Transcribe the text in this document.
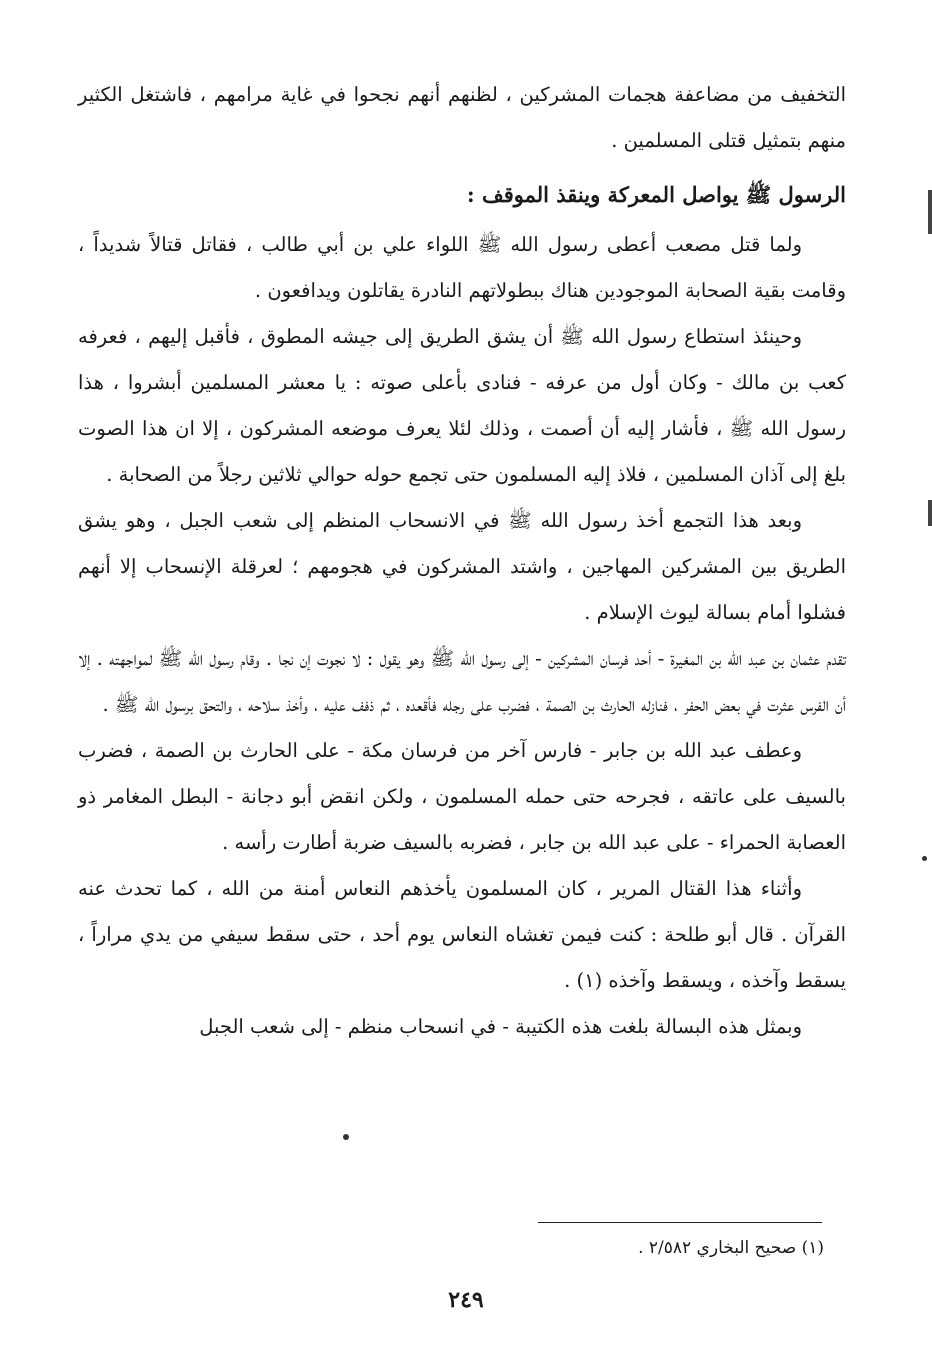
التخفيف من مضاعفة هجمات المشركين ، لظنهم أنهم نجحوا في غاية مرامهم ، فاشتغل الكثير منهم بتمثيل قتلى المسلمين .

الرسول ﷺ يواصل المعركة وينقذ الموقف :

ولما قتل مصعب أعطى رسول الله ﷺ اللواء علي بن أبي طالب ، فقاتل قتالاً شديداً ، وقامت بقية الصحابة الموجودين هناك ببطولاتهم النادرة يقاتلون ويدافعون .

وحينئذ استطاع رسول الله ﷺ أن يشق الطريق إلى جيشه المطوق ، فأقبل إليهم ، فعرفه كعب بن مالك - وكان أول من عرفه - فنادى بأعلى صوته : يا معشر المسلمين أبشروا ، هذا رسول الله ﷺ ، فأشار إليه أن أصمت ، وذلك لئلا يعرف موضعه المشركون ، إلا ان هذا الصوت بلغ إلى آذان المسلمين ، فلاذ إليه المسلمون حتى تجمع حوله حوالي ثلاثين رجلاً من الصحابة .

وبعد هذا التجمع أخذ رسول الله ﷺ في الانسحاب المنظم إلى شعب الجبل ، وهو يشق الطريق بين المشركين المهاجين ، واشتد المشركون في هجومهم ؛ لعرقلة الإنسحاب إلا أنهم فشلوا أمام بسالة ليوث الإسلام .

تقدم عثمان بن عبد الله بن المغيرة - أحد فرسان المشركين - إلى رسول الله ﷺ وهو يقول : لا نجوت إن نجا . وقام رسول الله ﷺ لمواجهته . إلا أن الفرس عثرت في بعض الحفر ، فنازله الحارث بن الصمة ، فضرب على رجله فأقعده ، ثم ذفف عليه ، وأخذ سلاحه ، والتحق برسول الله ﷺ .

وعطف عبد الله بن جابر - فارس آخر من فرسان مكة - على الحارث بن الصمة ، فضرب بالسيف على عاتقه ، فجرحه حتى حمله المسلمون ، ولكن انقض أبو دجانة - البطل المغامر ذو العصابة الحمراء - على عبد الله بن جابر ، فضربه بالسيف ضربة أطارت رأسه .

وأثناء هذا القتال المرير ، كان المسلمون يأخذهم النعاس أمنة من الله ، كما تحدث عنه القرآن . قال أبو طلحة : كنت فيمن تغشاه النعاس يوم أحد ، حتى سقط سيفي من يدي مراراً ، يسقط وآخذه ، ويسقط وآخذه (١) .

وبمثل هذه البسالة بلغت هذه الكتيبة - في انسحاب منظم - إلى شعب الجبل

(١) صحيح البخاري ٢/٥٨٢ .
٢٤٩
